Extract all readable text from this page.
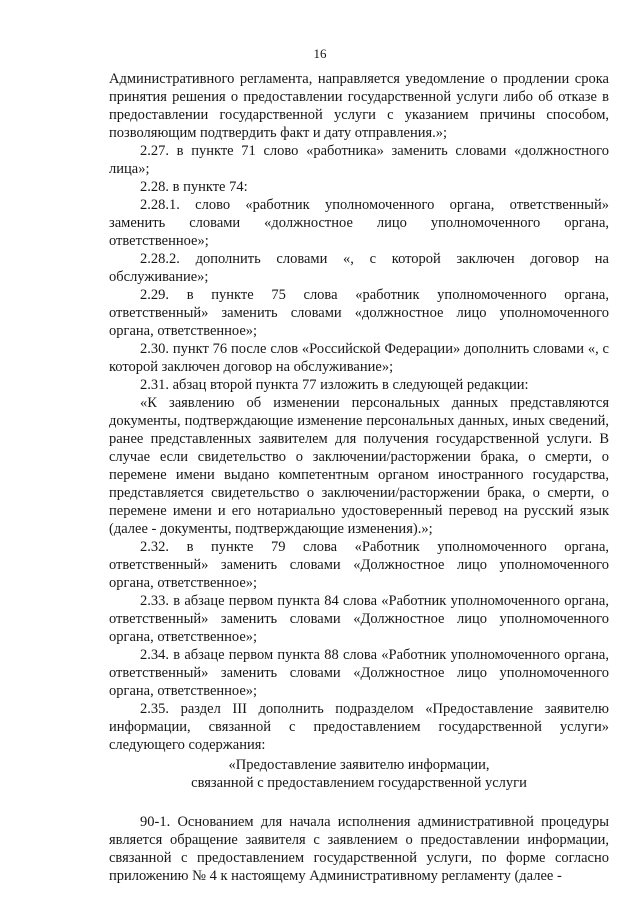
16

Административного регламента, направляется уведомление о продлении срока принятия решения о предоставлении государственной услуги либо об отказе в предоставлении государственной услуги с указанием причины способом, позволяющим подтвердить факт и дату отправления.»;

2.27. в пункте 71 слово «работника» заменить словами «должностного лица»;

2.28. в пункте 74:

2.28.1. слово «работник уполномоченного органа, ответственный» заменить словами «должностное лицо уполномоченного органа, ответственное»;

2.28.2. дополнить словами «, с которой заключен договор на обслуживание»;

2.29. в пункте 75 слова «работник уполномоченного органа, ответственный» заменить словами «должностное лицо уполномоченного органа, ответственное»;

2.30. пункт 76 после слов «Российской Федерации» дополнить словами «, с которой заключен договор на обслуживание»;

2.31. абзац второй пункта 77 изложить в следующей редакции:

«К заявлению об изменении персональных данных представляются документы, подтверждающие изменение персональных данных, иных сведений, ранее представленных заявителем для получения государственной услуги. В случае если свидетельство о заключении/расторжении брака, о смерти, о перемене имени выдано компетентным органом иностранного государства, представляется свидетельство о заключении/расторжении брака, о смерти, о перемене имени и его нотариально удостоверенный перевод на русский язык (далее - документы, подтверждающие изменения).»;

2.32. в пункте 79 слова «Работник уполномоченного органа, ответственный» заменить словами «Должностное лицо уполномоченного органа, ответственное»;

2.33. в абзаце первом пункта 84 слова «Работник уполномоченного органа, ответственный» заменить словами «Должностное лицо уполномоченного органа, ответственное»;

2.34. в абзаце первом пункта 88 слова «Работник уполномоченного органа, ответственный» заменить словами «Должностное лицо уполномоченного органа, ответственное»;

2.35. раздел III дополнить подразделом «Предоставление заявителю информации, связанной с предоставлением государственной услуги» следующего содержания:

«Предоставление заявителю информации,

связанной с предоставлением государственной услуги

90-1. Основанием для начала исполнения административной процедуры является обращение заявителя с заявлением о предоставлении информации, связанной с предоставлением государственной услуги, по форме согласно приложению № 4 к настоящему Административному регламенту (далее -
